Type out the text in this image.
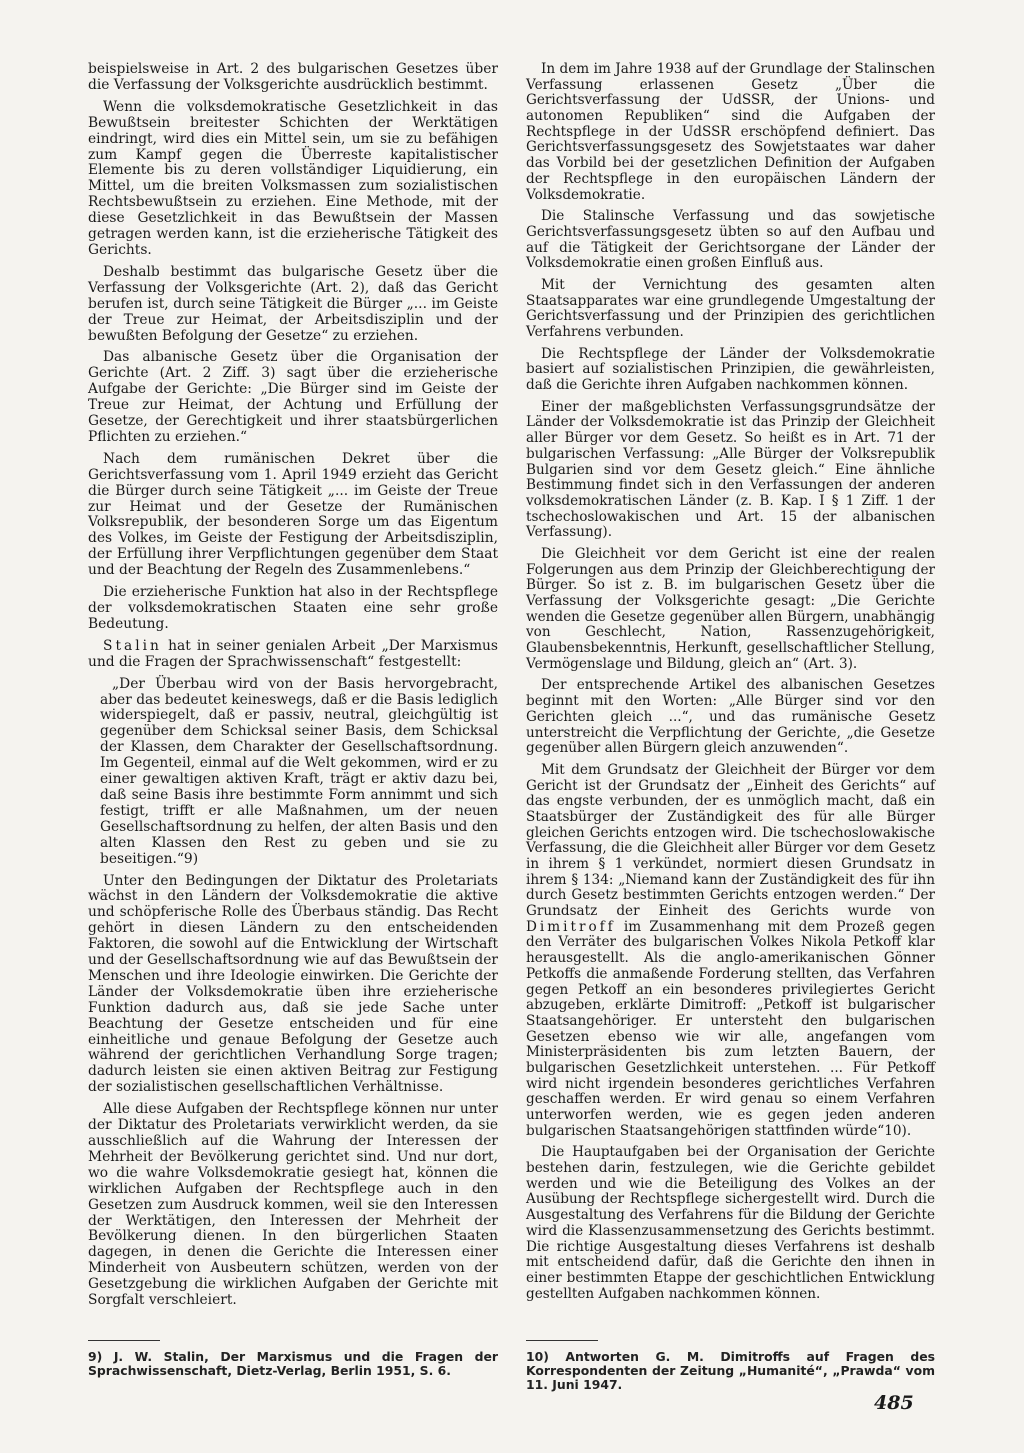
beispielsweise in Art. 2 des bulgarischen Gesetzes über die Verfassung der Volksgerichte ausdrücklich bestimmt.

Wenn die volksdemokratische Gesetzlichkeit in das Bewußtsein breitester Schichten der Werktätigen eindringt, wird dies ein Mittel sein, um sie zu befähigen zum Kampf gegen die Überreste kapitalistischer Elemente bis zu deren vollständiger Liquidierung, ein Mittel, um die breiten Volksmassen zum sozialistischen Rechtsbewußtsein zu erziehen. Eine Methode, mit der diese Gesetzlichkeit in das Bewußtsein der Massen getragen werden kann, ist die erzieherische Tätigkeit des Gerichts.

Deshalb bestimmt das bulgarische Gesetz über die Verfassung der Volksgerichte (Art. 2), daß das Gericht berufen ist, durch seine Tätigkeit die Bürger „... im Geiste der Treue zur Heimat, der Arbeitsdisziplin und der bewußten Befolgung der Gesetze“ zu erziehen.

Das albanische Gesetz über die Organisation der Gerichte (Art. 2 Ziff. 3) sagt über die erzieherische Aufgabe der Gerichte: „Die Bürger sind im Geiste der Treue zur Heimat, der Achtung und Erfüllung der Gesetze, der Gerechtigkeit und ihrer staatsbürgerlichen Pflichten zu erziehen.“

Nach dem rumänischen Dekret über die Gerichtsverfassung vom 1. April 1949 erzieht das Gericht die Bürger durch seine Tätigkeit „... im Geiste der Treue zur Heimat und der Gesetze der Rumänischen Volksrepublik, der besonderen Sorge um das Eigentum des Volkes, im Geiste der Festigung der Arbeitsdisziplin, der Erfüllung ihrer Verpflichtungen gegenüber dem Staat und der Beachtung der Regeln des Zusammenlebens.“

Die erzieherische Funktion hat also in der Rechtspflege der volksdemokratischen Staaten eine sehr große Bedeutung.

Stalin hat in seiner genialen Arbeit „Der Marxismus und die Fragen der Sprachwissenschaft“ festgestellt:

„Der Überbau wird von der Basis hervorgebracht, aber das bedeutet keineswegs, daß er die Basis lediglich widerspiegelt, daß er passiv, neutral, gleichgültig ist gegenüber dem Schicksal seiner Basis, dem Schicksal der Klassen, dem Charakter der Gesellschaftsordnung. Im Gegenteil, einmal auf die Welt gekommen, wird er zu einer gewaltigen aktiven Kraft, trägt er aktiv dazu bei, daß seine Basis ihre bestimmte Form annimmt und sich festigt, trifft er alle Maßnahmen, um der neuen Gesellschaftsordnung zu helfen, der alten Basis und den alten Klassen den Rest zu geben und sie zu beseitigen.“9)

Unter den Bedingungen der Diktatur des Proletariats wächst in den Ländern der Volksdemokratie die aktive und schöpferische Rolle des Überbaus ständig. Das Recht gehört in diesen Ländern zu den entscheidenden Faktoren, die sowohl auf die Entwicklung der Wirtschaft und der Gesellschaftsordnung wie auf das Bewußtsein der Menschen und ihre Ideologie einwirken. Die Gerichte der Länder der Volksdemokratie üben ihre erzieherische Funktion dadurch aus, daß sie jede Sache unter Beachtung der Gesetze entscheiden und für eine einheitliche und genaue Befolgung der Gesetze auch während der gerichtlichen Verhandlung Sorge tragen; dadurch leisten sie einen aktiven Beitrag zur Festigung der sozialistischen gesellschaftlichen Verhältnisse.

Alle diese Aufgaben der Rechtspflege können nur unter der Diktatur des Proletariats verwirklicht werden, da sie ausschließlich auf die Wahrung der Interessen der Mehrheit der Bevölkerung gerichtet sind. Und nur dort, wo die wahre Volksdemokratie gesiegt hat, können die wirklichen Aufgaben der Rechtspflege auch in den Gesetzen zum Ausdruck kommen, weil sie den Interessen der Werktätigen, den Interessen der Mehrheit der Bevölkerung dienen. In den bürgerlichen Staaten dagegen, in denen die Gerichte die Interessen einer Minderheit von Ausbeutern schützen, werden von der Gesetzgebung die wirklichen Aufgaben der Gerichte mit Sorgfalt verschleiert.

In dem im Jahre 1938 auf der Grundlage der Stalinschen Verfassung erlassenen Gesetz „Über die Gerichtsverfassung der UdSSR, der Unions- und autonomen Republiken“ sind die Aufgaben der Rechtspflege in der UdSSR erschöpfend definiert. Das Gerichtsverfassungsgesetz des Sowjetstaates war daher das Vorbild bei der gesetzlichen Definition der Aufgaben der Rechtspflege in den europäischen Ländern der Volksdemokratie.

Die Stalinsche Verfassung und das sowjetische Gerichtsverfassungsgesetz übten so auf den Aufbau und auf die Tätigkeit der Gerichtsorgane der Länder der Volksdemokratie einen großen Einfluß aus.

Mit der Vernichtung des gesamten alten Staatsapparates war eine grundlegende Umgestaltung der Gerichtsverfassung und der Prinzipien des gerichtlichen Verfahrens verbunden.

Die Rechtspflege der Länder der Volksdemokratie basiert auf sozialistischen Prinzipien, die gewährleisten, daß die Gerichte ihren Aufgaben nachkommen können.

Einer der maßgeblichsten Verfassungsgrundsätze der Länder der Volksdemokratie ist das Prinzip der Gleichheit aller Bürger vor dem Gesetz. So heißt es in Art. 71 der bulgarischen Verfassung: „Alle Bürger der Volksrepublik Bulgarien sind vor dem Gesetz gleich.“ Eine ähnliche Bestimmung findet sich in den Verfassungen der anderen volksdemokratischen Länder (z. B. Kap. I § 1 Ziff. 1 der tschechoslowakischen und Art. 15 der albanischen Verfassung).

Die Gleichheit vor dem Gericht ist eine der realen Folgerungen aus dem Prinzip der Gleichberechtigung der Bürger. So ist z. B. im bulgarischen Gesetz über die Verfassung der Volksgerichte gesagt: „Die Gerichte wenden die Gesetze gegenüber allen Bürgern, unabhängig von Geschlecht, Nation, Rassenzugehörigkeit, Glaubensbekenntnis, Herkunft, gesellschaftlicher Stellung, Vermögenslage und Bildung, gleich an“ (Art. 3).

Der entsprechende Artikel des albanischen Gesetzes beginnt mit den Worten: „Alle Bürger sind vor den Gerichten gleich ...“, und das rumänische Gesetz unterstreicht die Verpflichtung der Gerichte, „die Gesetze gegenüber allen Bürgern gleich anzuwenden“.

Mit dem Grundsatz der Gleichheit der Bürger vor dem Gericht ist der Grundsatz der „Einheit des Gerichts“ auf das engste verbunden, der es unmöglich macht, daß ein Staatsbürger der Zuständigkeit des für alle Bürger gleichen Gerichts entzogen wird. Die tschechoslowakische Verfassung, die die Gleichheit aller Bürger vor dem Gesetz in ihrem § 1 verkündet, normiert diesen Grundsatz in ihrem § 134: „Niemand kann der Zuständigkeit des für ihn durch Gesetz bestimmten Gerichts entzogen werden.“ Der Grundsatz der Einheit des Gerichts wurde von Dimitroff im Zusammenhang mit dem Prozeß gegen den Verräter des bulgarischen Volkes Nikola Petkoff klar herausgestellt. Als die anglo-amerikanischen Gönner Petkoffs die anmaßende Forderung stellten, das Verfahren gegen Petkoff an ein besonderes privilegiertes Gericht abzugeben, erklärte Dimitroff: „Petkoff ist bulgarischer Staatsangehöriger. Er untersteht den bulgarischen Gesetzen ebenso wie wir alle, angefangen vom Ministerpräsidenten bis zum letzten Bauern, der bulgarischen Gesetzlichkeit unterstehen. ... Für Petkoff wird nicht irgendein besonderes gerichtliches Verfahren geschaffen werden. Er wird genau so einem Verfahren unterworfen werden, wie es gegen jeden anderen bulgarischen Staatsangehörigen stattfinden würde“10).

Die Hauptaufgaben bei der Organisation der Gerichte bestehen darin, festzulegen, wie die Gerichte gebildet werden und wie die Beteiligung des Volkes an der Ausübung der Rechtspflege sichergestellt wird. Durch die Ausgestaltung des Verfahrens für die Bildung der Gerichte wird die Klassenzusammensetzung des Gerichts bestimmt. Die richtige Ausgestaltung dieses Verfahrens ist deshalb mit entscheidend dafür, daß die Gerichte den ihnen in einer bestimmten Etappe der geschichtlichen Entwicklung gestellten Aufgaben nachkommen können.

9) J. W. Stalin, Der Marxismus und die Fragen der Sprachwissenschaft, Dietz-Verlag, Berlin 1951, S. 6.
10) Antworten G. M. Dimitroffs auf Fragen des Korrespondenten der Zeitung „Humanité“, „Prawda“ vom 11. Juni 1947.
485
